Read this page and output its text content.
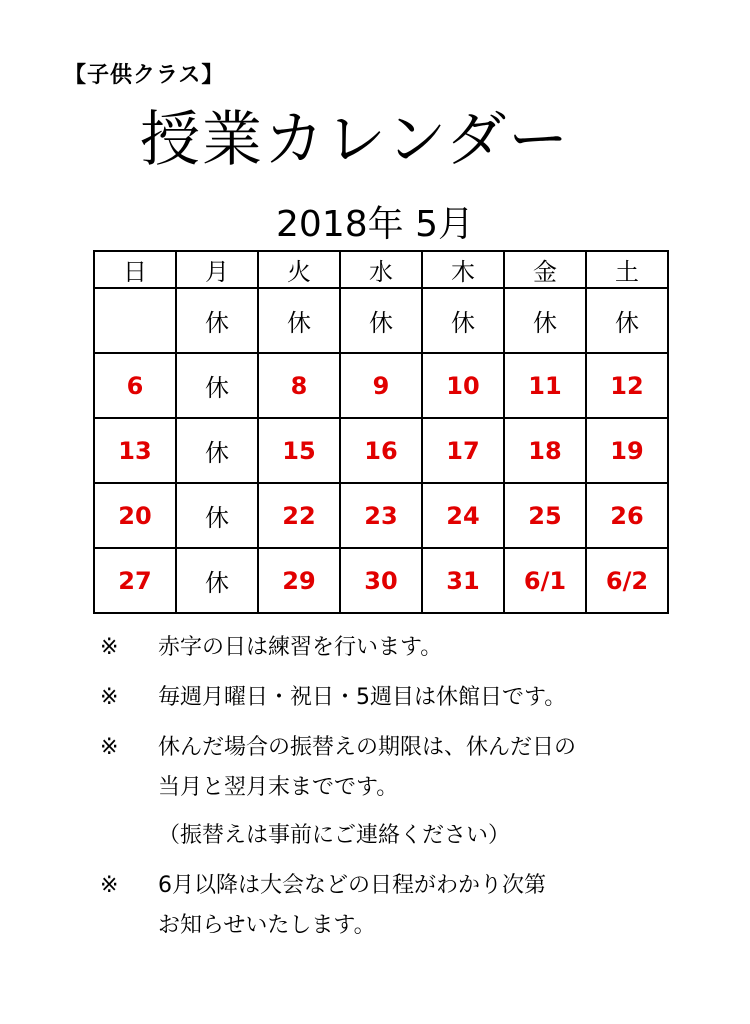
【子供クラス】
授業カレンダー
2018年 5月
日	月	火	水	木	金	土
	休	休	休	休	休	休
6	休	8	9	10	11	12
13	休	15	16	17	18	19
20	休	22	23	24	25	26
27	休	29	30	31	6/1	6/2
※	赤字の日は練習を行います。
※	毎週月曜日・祝日・5週目は休館日です。
※	休んだ場合の振替えの期限は、休んだ日の
当月と翌月末までです。
（振替えは事前にご連絡ください）
※	6月以降は大会などの日程がわかり次第
お知らせいたします。
